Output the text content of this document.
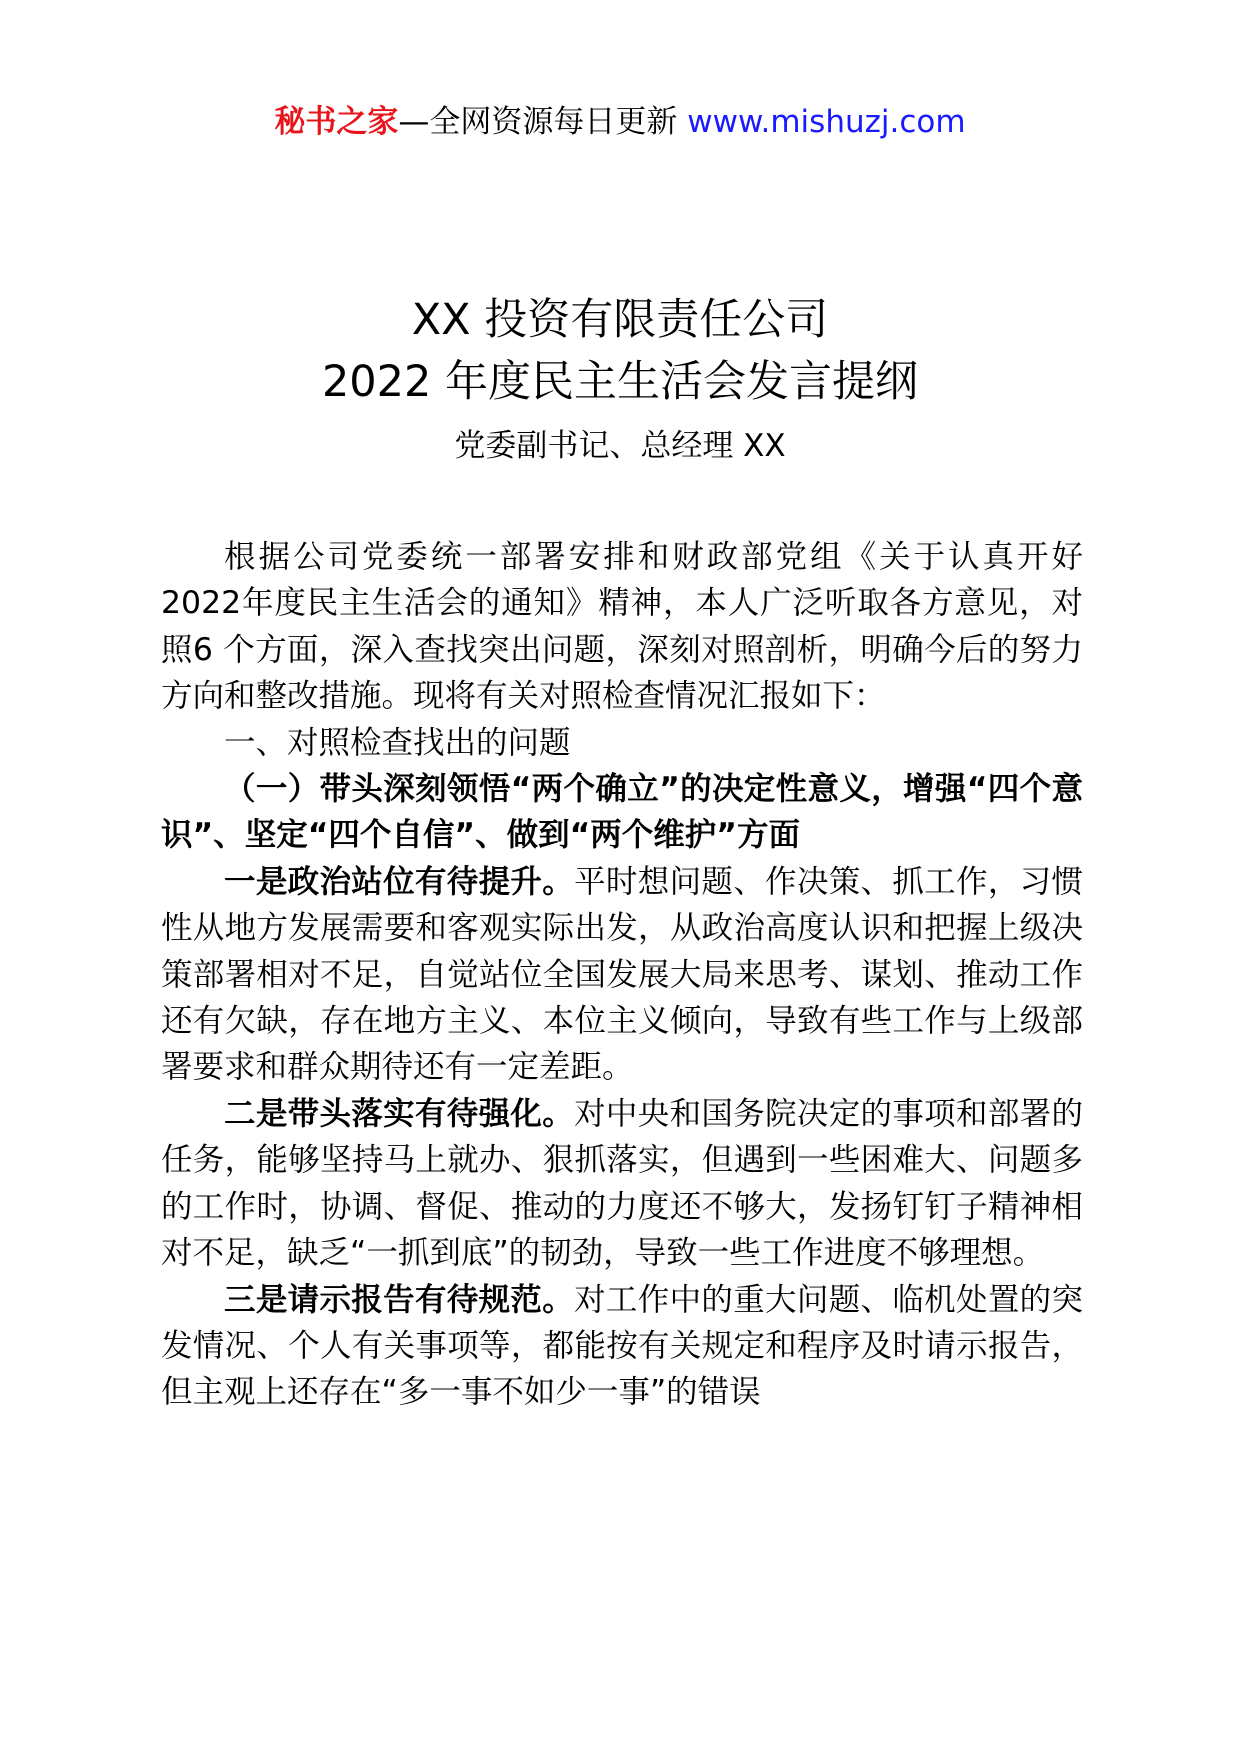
秘书之家—全网资源每日更新 www.mishuzj.com
XX 投资有限责任公司
2022 年度民主生活会发言提纲
党委副书记、总经理 XX

根据公司党委统一部署安排和财政部党组《关于认真开好2022年度民主生活会的通知》精神，本人广泛听取各方意见，对照6 个方面，深入查找突出问题，深刻对照剖析，明确今后的努力方向和整改措施。现将有关对照检查情况汇报如下：

一、对照检查找出的问题

（一）带头深刻领悟“两个确立”的决定性意义，增强“四个意识”、坚定“四个自信”、做到“两个维护”方面

一是政治站位有待提升。平时想问题、作决策、抓工作，习惯性从地方发展需要和客观实际出发，从政治高度认识和把握上级决策部署相对不足，自觉站位全国发展大局来思考、谋划、推动工作还有欠缺，存在地方主义、本位主义倾向，导致有些工作与上级部署要求和群众期待还有一定差距。

二是带头落实有待强化。对中央和国务院决定的事项和部署的任务，能够坚持马上就办、狠抓落实，但遇到一些困难大、问题多的工作时，协调、督促、推动的力度还不够大，发扬钉钉子精神相对不足，缺乏“一抓到底”的韧劲，导致一些工作进度不够理想。

三是请示报告有待规范。对工作中的重大问题、临机处置的突发情况、个人有关事项等，都能按有关规定和程序及时请示报告，但主观上还存在“多一事不如少一事”的错误
